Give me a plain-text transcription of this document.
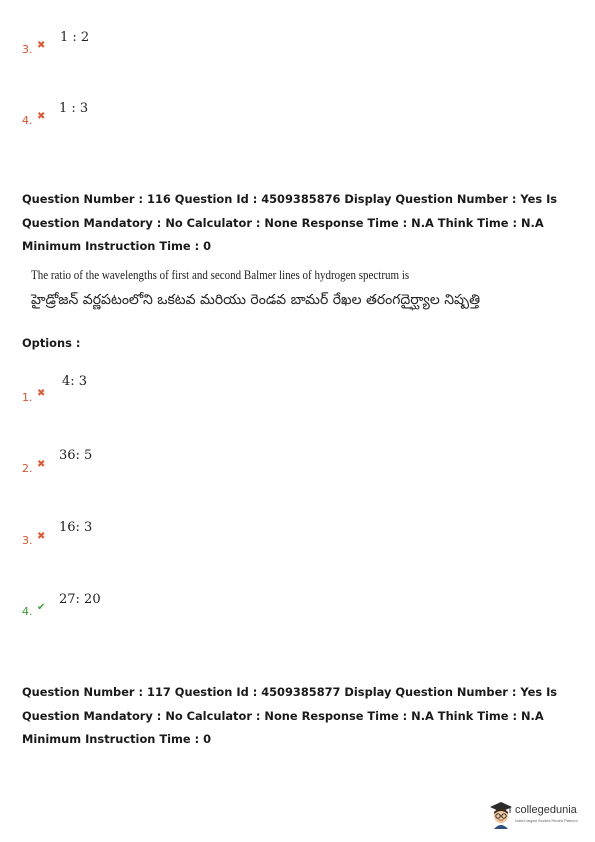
3. ✖
1 : 2
4. ✖
1 : 3
Question Number : 116 Question Id : 4509385876 Display Question Number : Yes Is Question Mandatory : No Calculator : None Response Time : N.A Think Time : N.A Minimum Instruction Time : 0
The ratio of the wavelengths of first and second Balmer lines of hydrogen spectrum is
హైడ్రోజన్ వర్ణపటంలోని ఒకటవ మరియు రెండవ బామర్ రేఖల తరంగదైర్ఘ్యాల నిష్పత్తి
Options :
1. ✖
4: 3
2. ✖
36: 5
3. ✖
16: 3
4. ✔
27: 20
Question Number : 117 Question Id : 4509385877 Display Question Number : Yes Is Question Mandatory : No Calculator : None Response Time : N.A Think Time : N.A Minimum Instruction Time : 0
collegedunia
India's largest Student Review Platform
